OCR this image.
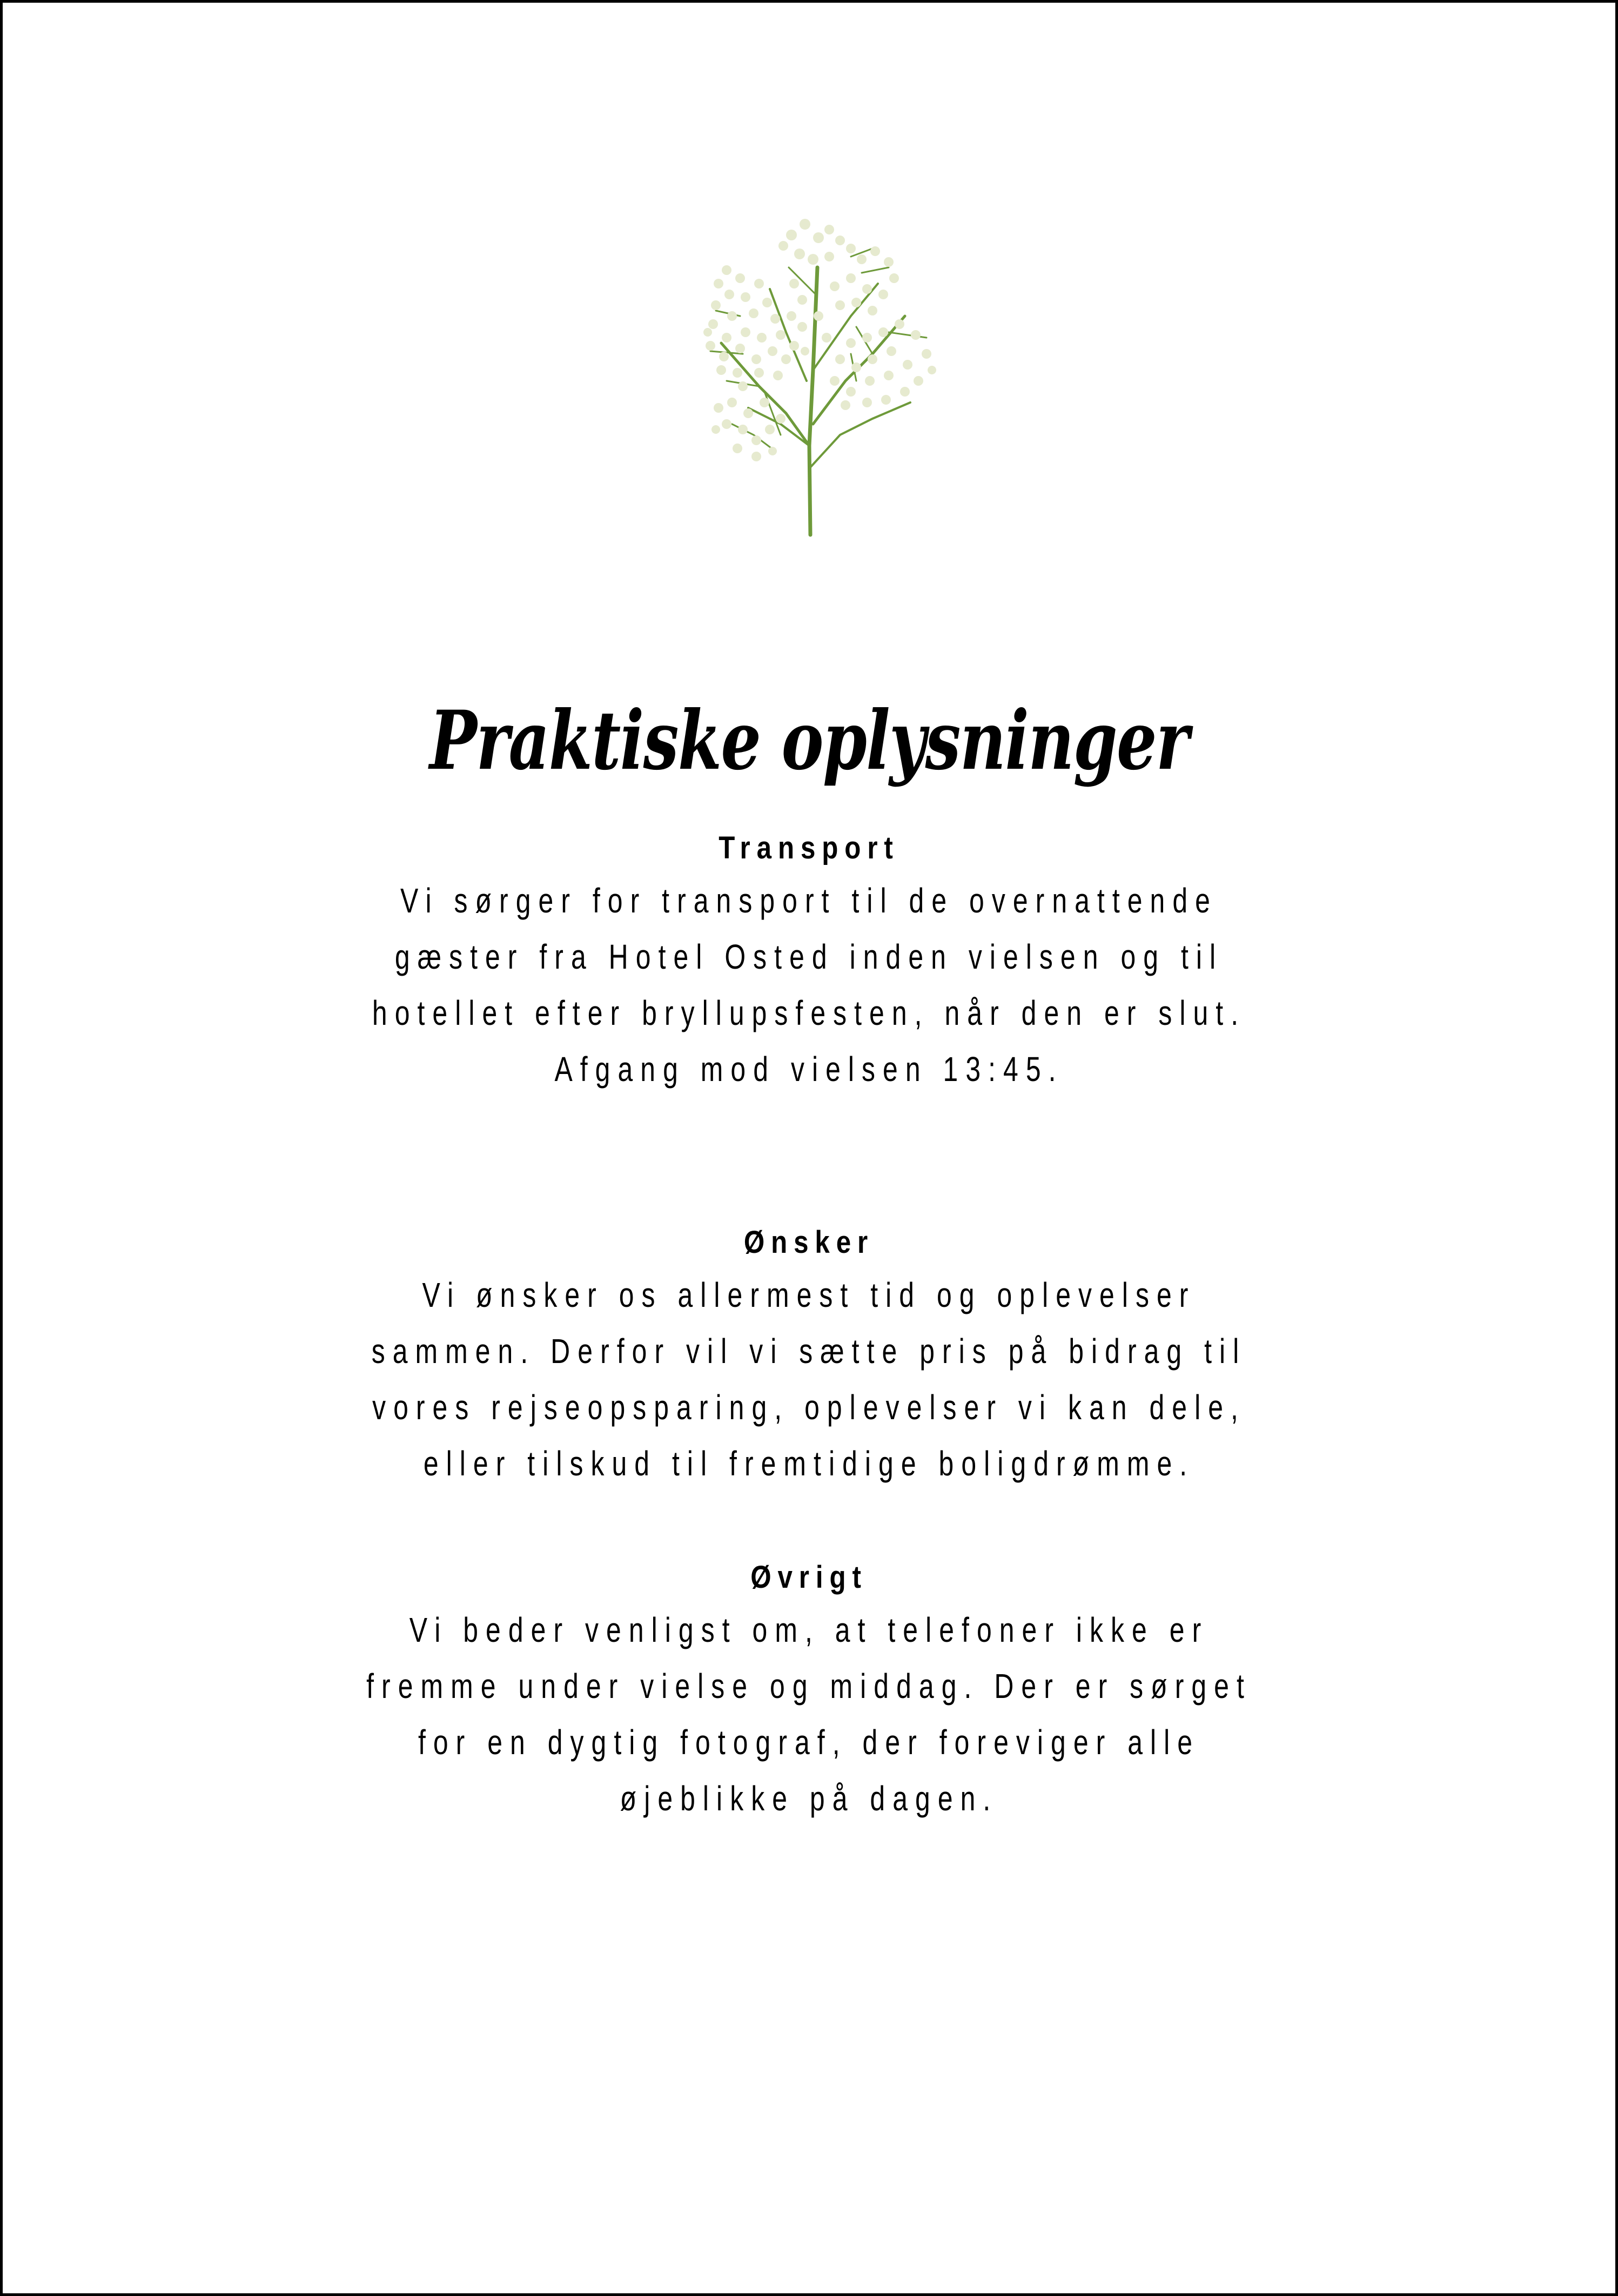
Praktiske oplysninger
Transport

Vi sørger for transport til de overnattende
gæster fra Hotel Osted inden vielsen og til
hotellet efter bryllupsfesten, når den er slut.
Afgang mod vielsen 13:45.

Ønsker

Vi ønsker os allermest tid og oplevelser
sammen. Derfor vil vi sætte pris på bidrag til
vores rejseopsparing, oplevelser vi kan dele,
eller tilskud til fremtidige boligdrømme.

Øvrigt

Vi beder venligst om, at telefoner ikke er
fremme under vielse og middag. Der er sørget
for en dygtig fotograf, der foreviger alle
øjeblikke på dagen.
